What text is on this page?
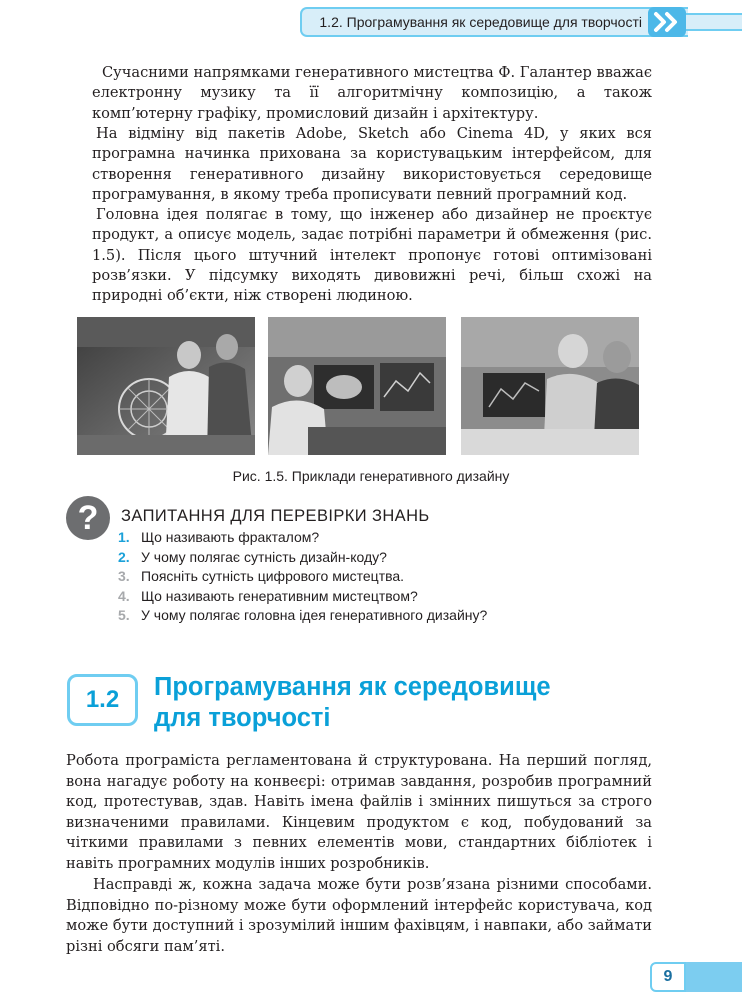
1.2. Програмування як середовище для творчості

Сучасними напрямками генеративного мистецтва Ф. Галантер вважає електронну музику та її алгоритмічну композицію, а також комп’ютерну графіку, промисловий дизайн і архітектуру.

На відміну від пакетів Adobe, Sketch або Cinema 4D, у яких вся програмна начинка прихована за користувацьким інтерфейсом, для створення генеративного дизайну використовується середовище програмування, в якому треба прописувати певний програмний код.

Головна ідея полягає в тому, що інженер або дизайнер не проєктує продукт, а описує модель, задає потрібні параметри й обмеження (рис. 1.5). Після цього штучний інтелект пропонує готові оптимізовані розв’язки. У підсумку виходять дивовижні речі, більш схожі на природні об’єкти, ніж створені людиною.

Рис. 1.5. Приклади генеративного дизайну
?	ЗАПИТАННЯ ДЛЯ ПЕРЕВІРКИ ЗНАНЬ
1. Що називають фракталом?
2. У чому полягає сутність дизайн-коду?
3. Поясніть сутність цифрового мистецтва.
4. Що називають генеративним мистецтвом?
5. У чому полягає головна ідея генеративного дизайну?
1.2	Програмування як середовище
для творчості

Робота програміста регламентована й структурована. На перший погляд, вона нагадує роботу на конвеєрі: отримав завдання, розробив програмний код, протестував, здав. Навіть імена файлів і змінних пишуться за строго визначеними правилами. Кінцевим продуктом є код, побудований за чіткими правилами з певних елементів мови, стандартних бібліотек і навіть програмних модулів інших розробників.

Насправді ж, кожна задача може бути розв’язана різними способами. Відповідно по-різному може бути оформлений інтерфейс користувача, код може бути доступний і зрозумілий іншим фахівцям, і навпаки, або займати різні обсяги пам’яті.

9
